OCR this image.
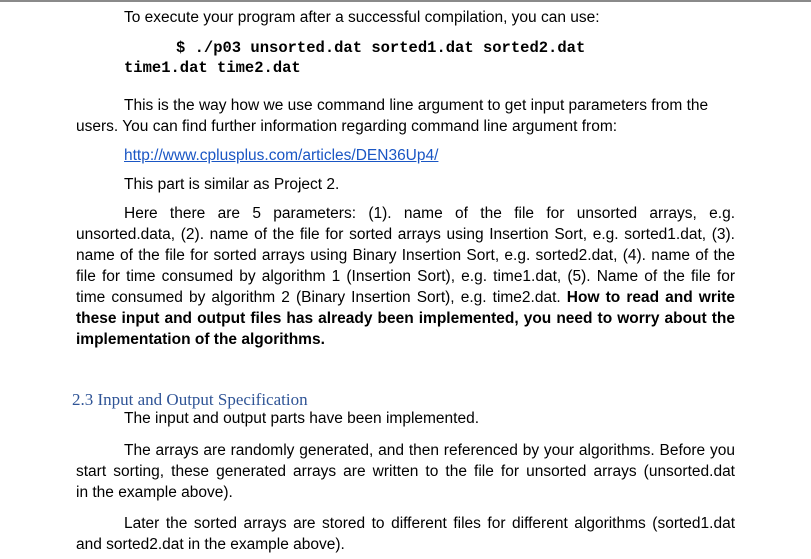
To execute your program after a successful compilation, you can use:
$ ./p03 unsorted.dat sorted1.dat sorted2.dat
time1.dat time2.dat
This is the way how we use command line argument to get input parameters from the
users. You can find further information regarding command line argument from:
http://www.cplusplus.com/articles/DEN36Up4/
This part is similar as Project 2.
Here there are 5 parameters: (1). name of the file for unsorted arrays, e.g.
unsorted.data, (2). name of the file for sorted arrays using Insertion Sort, e.g. sorted1.dat, (3).
name of the file for sorted arrays using Binary Insertion Sort, e.g. sorted2.dat, (4). name of the
file for time consumed by algorithm 1 (Insertion Sort), e.g. time1.dat, (5). Name of the file for
time consumed by algorithm 2 (Binary Insertion Sort), e.g. time2.dat. How to read and write
these input and output files has already been implemented, you need to worry about the
implementation of the algorithms.
2.3 Input and Output Specification
The input and output parts have been implemented.
The arrays are randomly generated, and then referenced by your algorithms. Before you
start sorting, these generated arrays are written to the file for unsorted arrays (unsorted.dat
in the example above).
Later the sorted arrays are stored to different files for different algorithms (sorted1.dat
and sorted2.dat in the example above).
